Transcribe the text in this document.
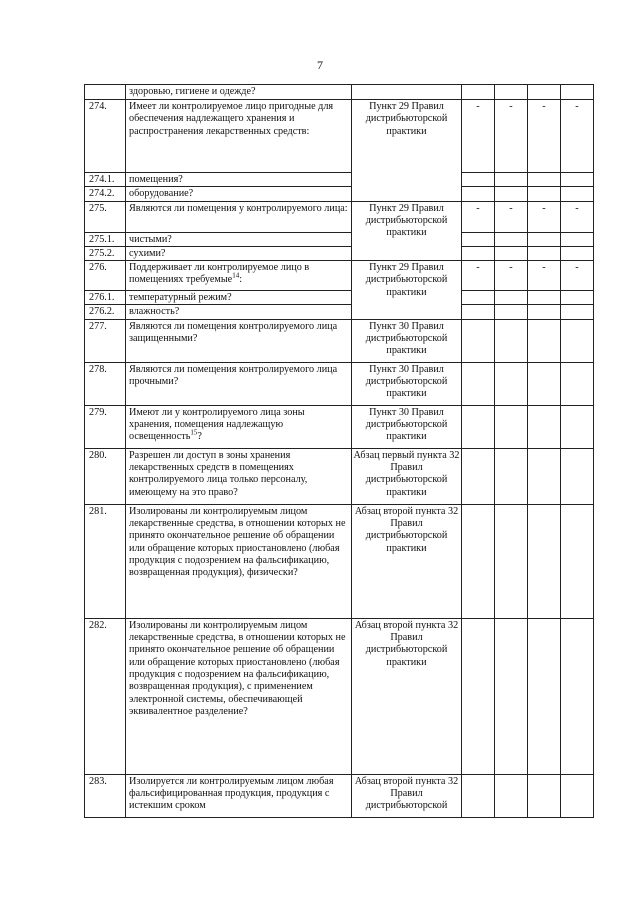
7
	здоровью, гигиене и одежде?					
274.	Имеет ли контролируемое лицо пригодные для обеспечения надлежащего хранения и распространения лекарственных средств:	Пункт 29 Правил дистрибьюторской практики	-	-	-	-
274.1.	помещения?					
274.2.	оборудование?					
275.	Являются ли помещения у контролируемого лица:	Пункт 29 Правил дистрибьюторской практики	-	-	-	-
275.1.	чистыми?					
275.2.	сухими?					
276.	Поддерживает ли контролируемое лицо в помещениях требуемые$^{14}$:	Пункт 29 Правил дистрибьюторской практики	-	-	-	-
276.1.	температурный режим?					
276.2.	влажность?					
277.	Являются ли помещения контролируемого лица защищенными?	Пункт 30 Правил дистрибьюторской практики				
278.	Являются ли помещения контролируемого лица прочными?	Пункт 30 Правил дистрибьюторской практики				
279.	Имеют ли у контролируемого лица зоны хранения, помещения надлежащую освещенность$^{15}$?	Пункт 30 Правил дистрибьюторской практики				
280.	Разрешен ли доступ в зоны хранения лекарственных средств в помещениях контролируемого лица только персоналу, имеющему на это право?	Абзац первый пункта 32 Правил дистрибьюторской практики				
281.	Изолированы ли контролируемым лицом лекарственные средства, в отношении которых не принято окончательное решение об обращении или обращение которых приостановлено (любая продукция с подозрением на фальсификацию, возвращенная продукция), физически?	Абзац второй пункта 32 Правил дистрибьюторской практики				
282.	Изолированы ли контролируемым лицом лекарственные средства, в отношении которых не принято окончательное решение об обращении или обращение которых приостановлено (любая продукция с подозрением на фальсификацию, возвращенная продукция), с применением электронной системы, обеспечивающей эквивалентное разделение?	Абзац второй пункта 32 Правил дистрибьюторской практики				
283.	Изолируется ли контролируемым лицом любая фальсифицированная продукция, продукция с истекшим сроком	Абзац второй пункта 32 Правил дистрибьюторской				
